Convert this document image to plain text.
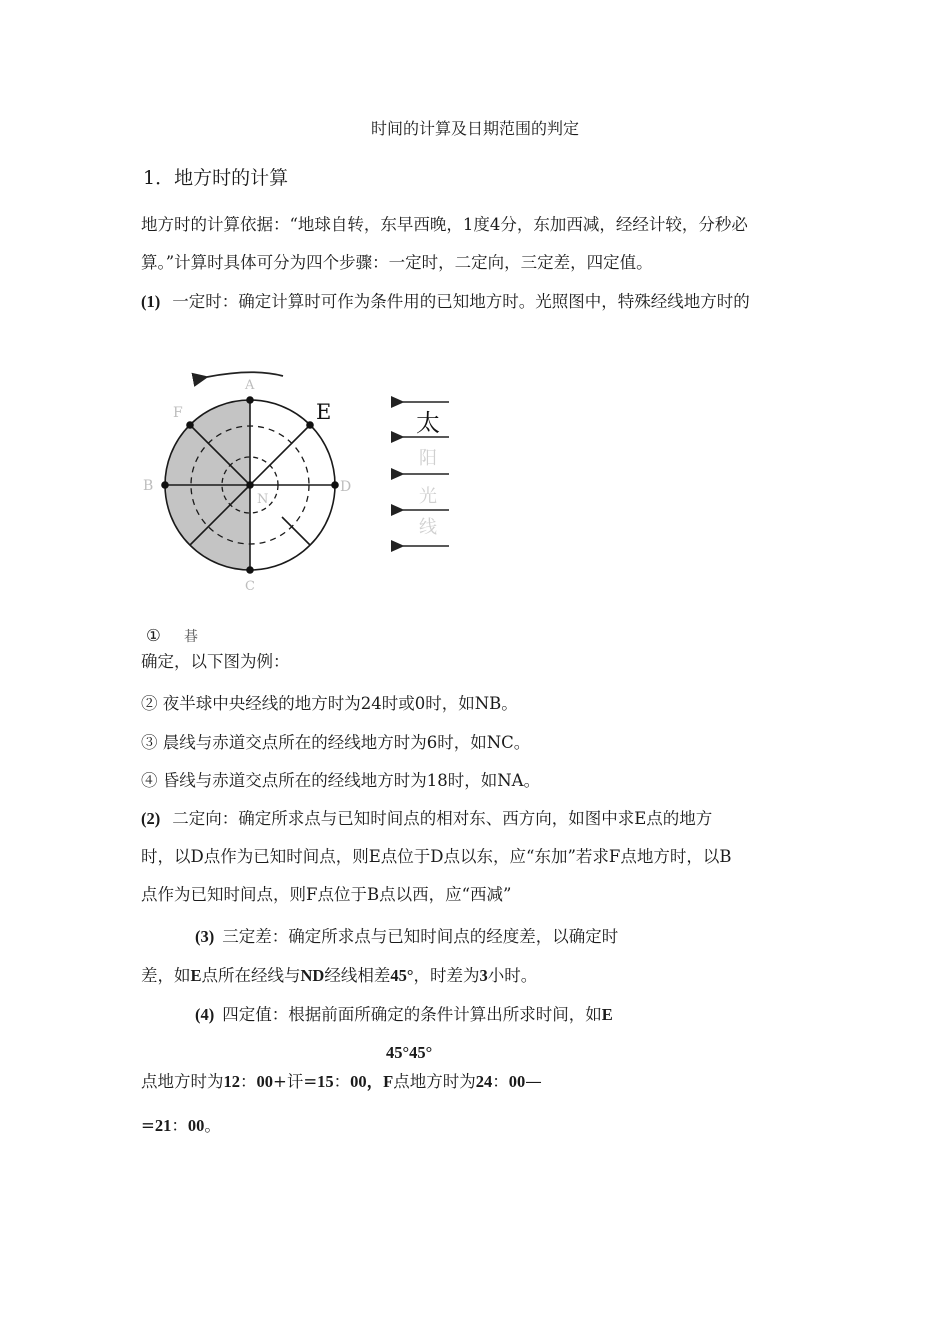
时间的计算及日期范围的判定
1．地方时的计算
地方时的计算依据：“地球自转，东早西晚，1度4分，东加西减，经经计较，分秒必
算。”计算时具体可分为四个步骤：一定时，二定向，三定差，四定值。
(1) 一定时：确定计算时可作为条件用的已知地方时。光照图中，特殊经线地方时的
E
A
F
B	D
N
C
太
阳
光
线
① 㫷
确定，以下图为例：
② 夜半球中央经线的地方时为24时或0时，如NB。
③ 晨线与赤道交点所在的经线地方时为6时，如NC。
④ 昏线与赤道交点所在的经线地方时为18时，如NA。
(2) 二定向：确定所求点与已知时间点的相对东、西方向，如图中求E点的地方
时，以D点作为已知时间点，则E点位于D点以东，应“东加”若求F点地方时，以B
点作为已知时间点，则F点位于B点以西，应“西减”
(3) 三定差：确定所求点与已知时间点的经度差，以确定时
差，如E点所在经线与ND经线相差45°，时差为3小时。
(4) 四定值：根据前面所确定的条件计算出所求时间，如E
45°45°
点地方时为12：00+讦=15：00，F点地方时为24：00—
=21：00。
